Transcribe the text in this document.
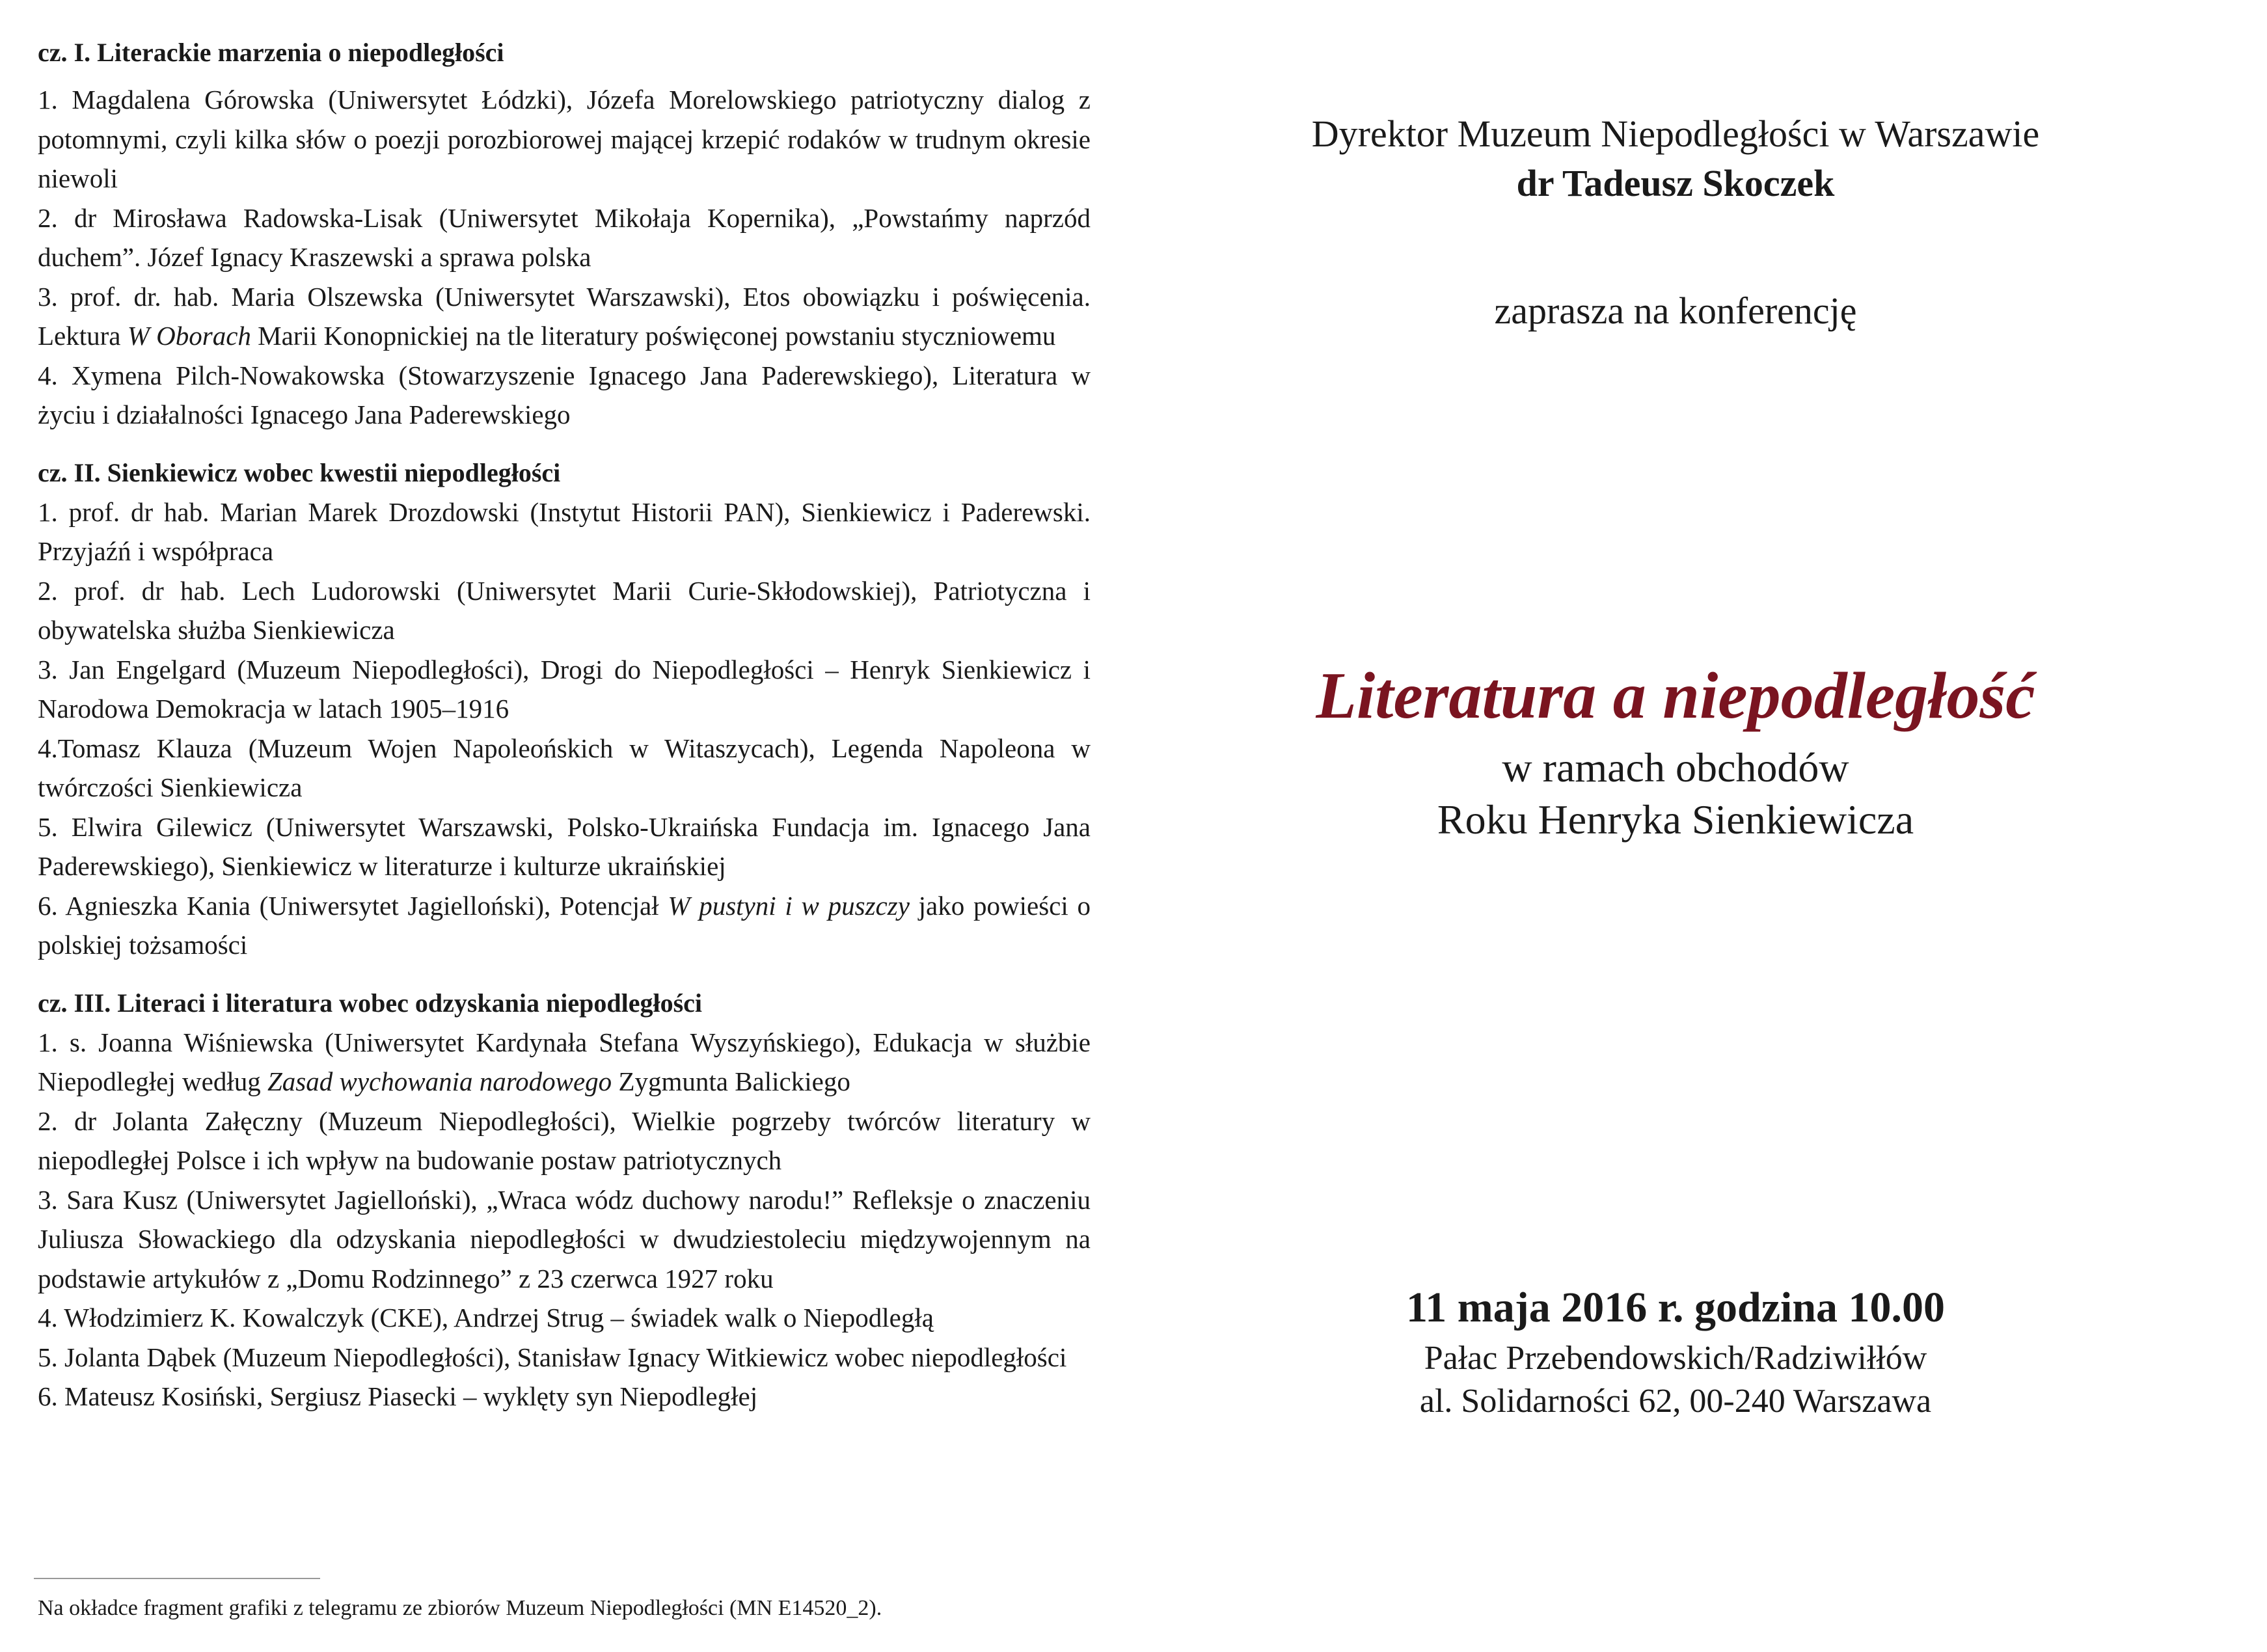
cz. I. Literackie marzenia o niepodległości

1. Magdalena Górowska (Uniwersytet Łódzki), Józefa Morelowskiego patriotyczny dialog z potomnymi, czyli kilka słów o poezji porozbiorowej mającej krzepić rodaków w trudnym okresie niewoli

2. dr Mirosława Radowska-Lisak (Uniwersytet Mikołaja Kopernika), „Powstańmy naprzód duchem”. Józef Ignacy Kraszewski a sprawa polska

3. prof. dr. hab. Maria Olszewska (Uniwersytet Warszawski), Etos obowiązku i poświęcenia. Lektura W Oborach Marii Konopnickiej na tle literatury poświęconej powstaniu styczniowemu

4. Xymena Pilch-Nowakowska (Stowarzyszenie Ignacego Jana Paderewskiego), Literatura w życiu i działalności Ignacego Jana Paderewskiego

cz. II. Sienkiewicz wobec kwestii niepodległości

1. prof. dr hab. Marian Marek Drozdowski (Instytut Historii PAN), Sienkiewicz i Paderewski. Przyjaźń i współpraca

2. prof. dr hab. Lech Ludorowski (Uniwersytet Marii Curie-Skłodowskiej), Patriotyczna i obywatelska służba Sienkiewicza

3. Jan Engelgard (Muzeum Niepodległości), Drogi do Niepodległości – Henryk Sienkiewicz i Narodowa Demokracja w latach 1905–1916

4.Tomasz Klauza (Muzeum Wojen Napoleońskich w Witaszycach), Legenda Napoleona w twórczości Sienkiewicza

5. Elwira Gilewicz (Uniwersytet Warszawski, Polsko-Ukraińska Fundacja im. Ignacego Jana Paderewskiego), Sienkiewicz w literaturze i kulturze ukraińskiej

6. Agnieszka Kania (Uniwersytet Jagielloński), Potencjał W pustyni i w puszczy jako powieści o polskiej tożsamości

cz. III. Literaci i literatura wobec odzyskania niepodległości

1. s. Joanna Wiśniewska (Uniwersytet Kardynała Stefana Wyszyńskiego), Edukacja w służbie Niepodległej według Zasad wychowania narodowego Zygmunta Balickiego

2. dr Jolanta Załęczny (Muzeum Niepodległości), Wielkie pogrzeby twórców literatury w niepodległej Polsce i ich wpływ na budowanie postaw patriotycznych

3. Sara Kusz (Uniwersytet Jagielloński), „Wraca wódz duchowy narodu!” Refleksje o znaczeniu Juliusza Słowackiego dla odzyskania niepodległości w dwudziestoleciu międzywojennym na podstawie artykułów z „Domu Rodzinnego” z 23 czerwca 1927 roku

4. Włodzimierz K. Kowalczyk (CKE), Andrzej Strug – świadek walk o Niepodległą

5. Jolanta Dąbek (Muzeum Niepodległości), Stanisław Ignacy Witkiewicz wobec niepodległości

6. Mateusz Kosiński, Sergiusz Piasecki – wyklęty syn Niepodległej

Na okładce fragment grafiki z telegramu ze zbiorów Muzeum Niepodległości (MN E14520_2).
Dyrektor Muzeum Niepodległości w Warszawie
dr Tadeusz Skoczek
zaprasza na konferencję
Literatura a niepodległość
w ramach obchodów
Roku Henryka Sienkiewicza
11 maja 2016 r. godzina 10.00
Pałac Przebendowskich/Radziwiłłów
al. Solidarności 62, 00-240 Warszawa
